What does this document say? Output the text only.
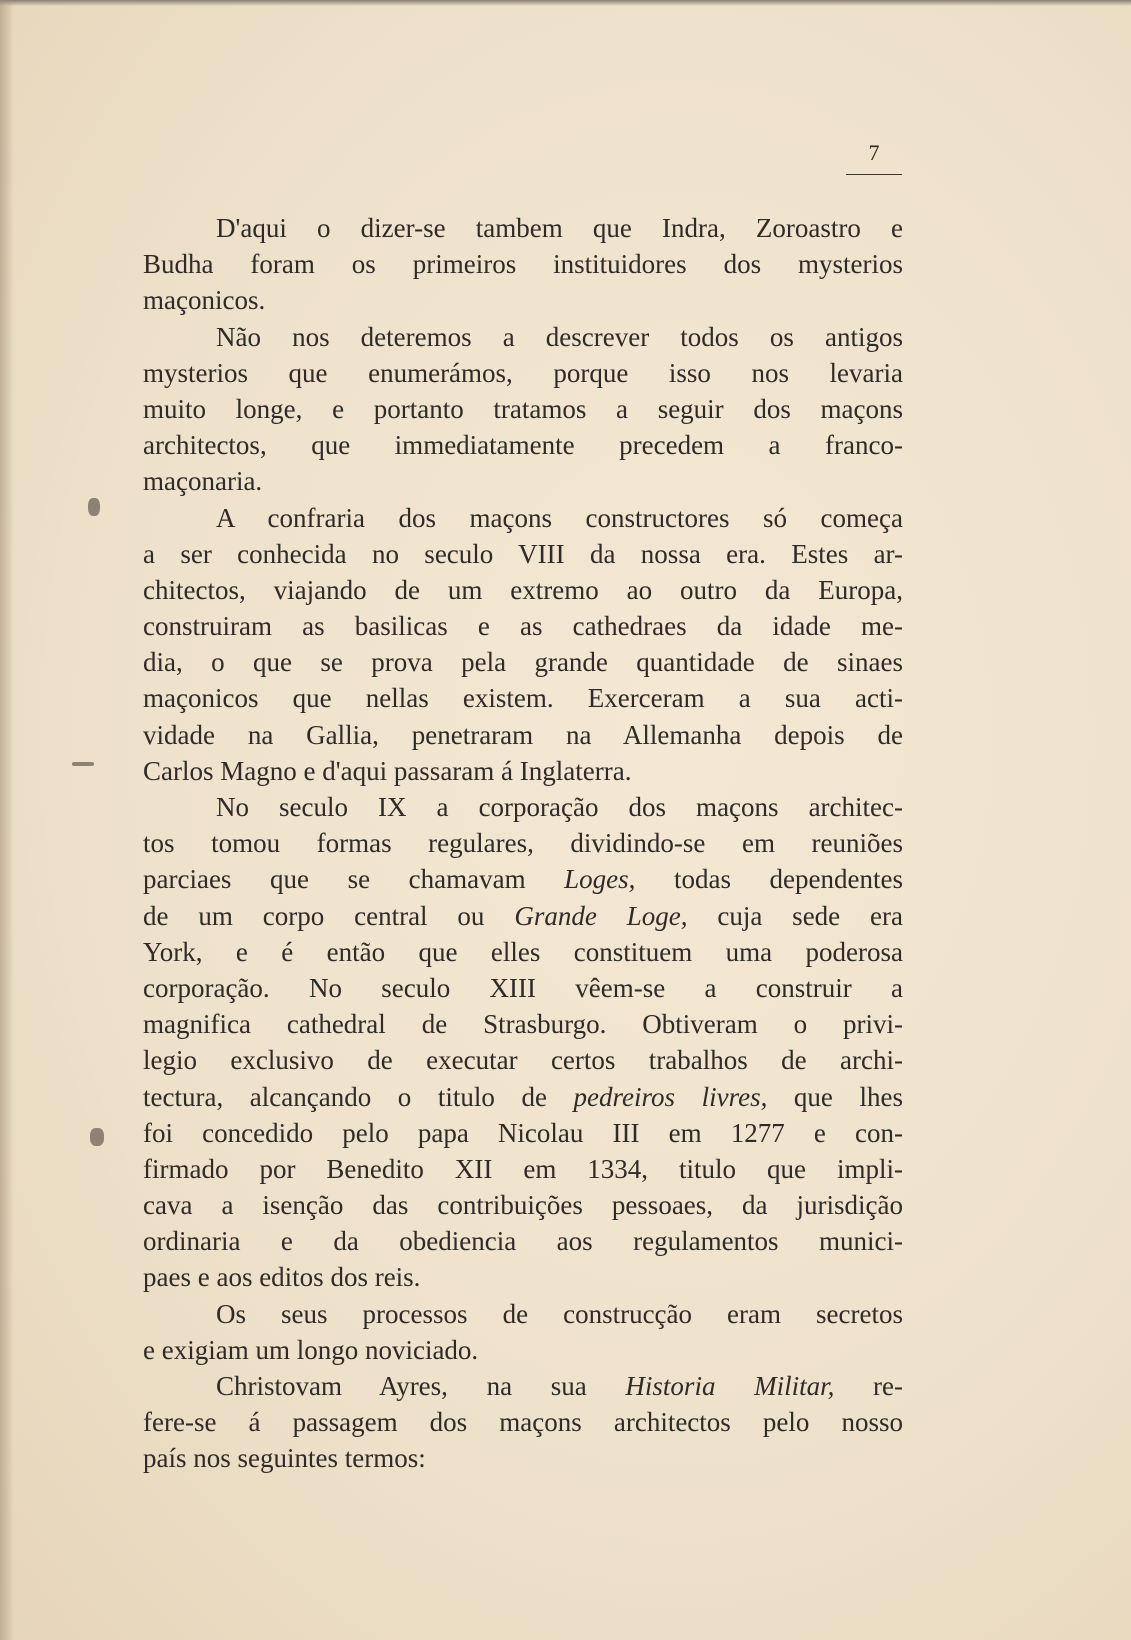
7
D'aqui o dizer-se tambem que Indra, Zoroastro e
Budha foram os primeiros instituidores dos mysterios
maçonicos.
Não nos deteremos a descrever todos os antigos
mysterios que enumerámos, porque isso nos levaria
muito longe, e portanto tratamos a seguir dos maçons
architectos, que immediatamente precedem a franco-
maçonaria.
A confraria dos maçons constructores só começa
a ser conhecida no seculo VIII da nossa era. Estes ar-
chitectos, viajando de um extremo ao outro da Europa,
construiram as basilicas e as cathedraes da idade me-
dia, o que se prova pela grande quantidade de sinaes
maçonicos que nellas existem. Exerceram a sua acti-
vidade na Gallia, penetraram na Allemanha depois de
Carlos Magno e d'aqui passaram á Inglaterra.
No seculo IX a corporação dos maçons architec-
tos tomou formas regulares, dividindo-se em reuniões
parciaes que se chamavam Loges, todas dependentes
de um corpo central ou Grande Loge, cuja sede era
York, e é então que elles constituem uma poderosa
corporação. No seculo XIII vêem-se a construir a
magnifica cathedral de Strasburgo. Obtiveram o privi-
legio exclusivo de executar certos trabalhos de archi-
tectura, alcançando o titulo de pedreiros livres, que lhes
foi concedido pelo papa Nicolau III em 1277 e con-
firmado por Benedito XII em 1334, titulo que impli-
cava a isenção das contribuições pessoaes, da jurisdição
ordinaria e da obediencia aos regulamentos munici-
paes e aos editos dos reis.
Os seus processos de construcção eram secretos
e exigiam um longo noviciado.
Christovam Ayres, na sua Historia Militar, re-
fere-se á passagem dos maçons architectos pelo nosso
país nos seguintes termos:
